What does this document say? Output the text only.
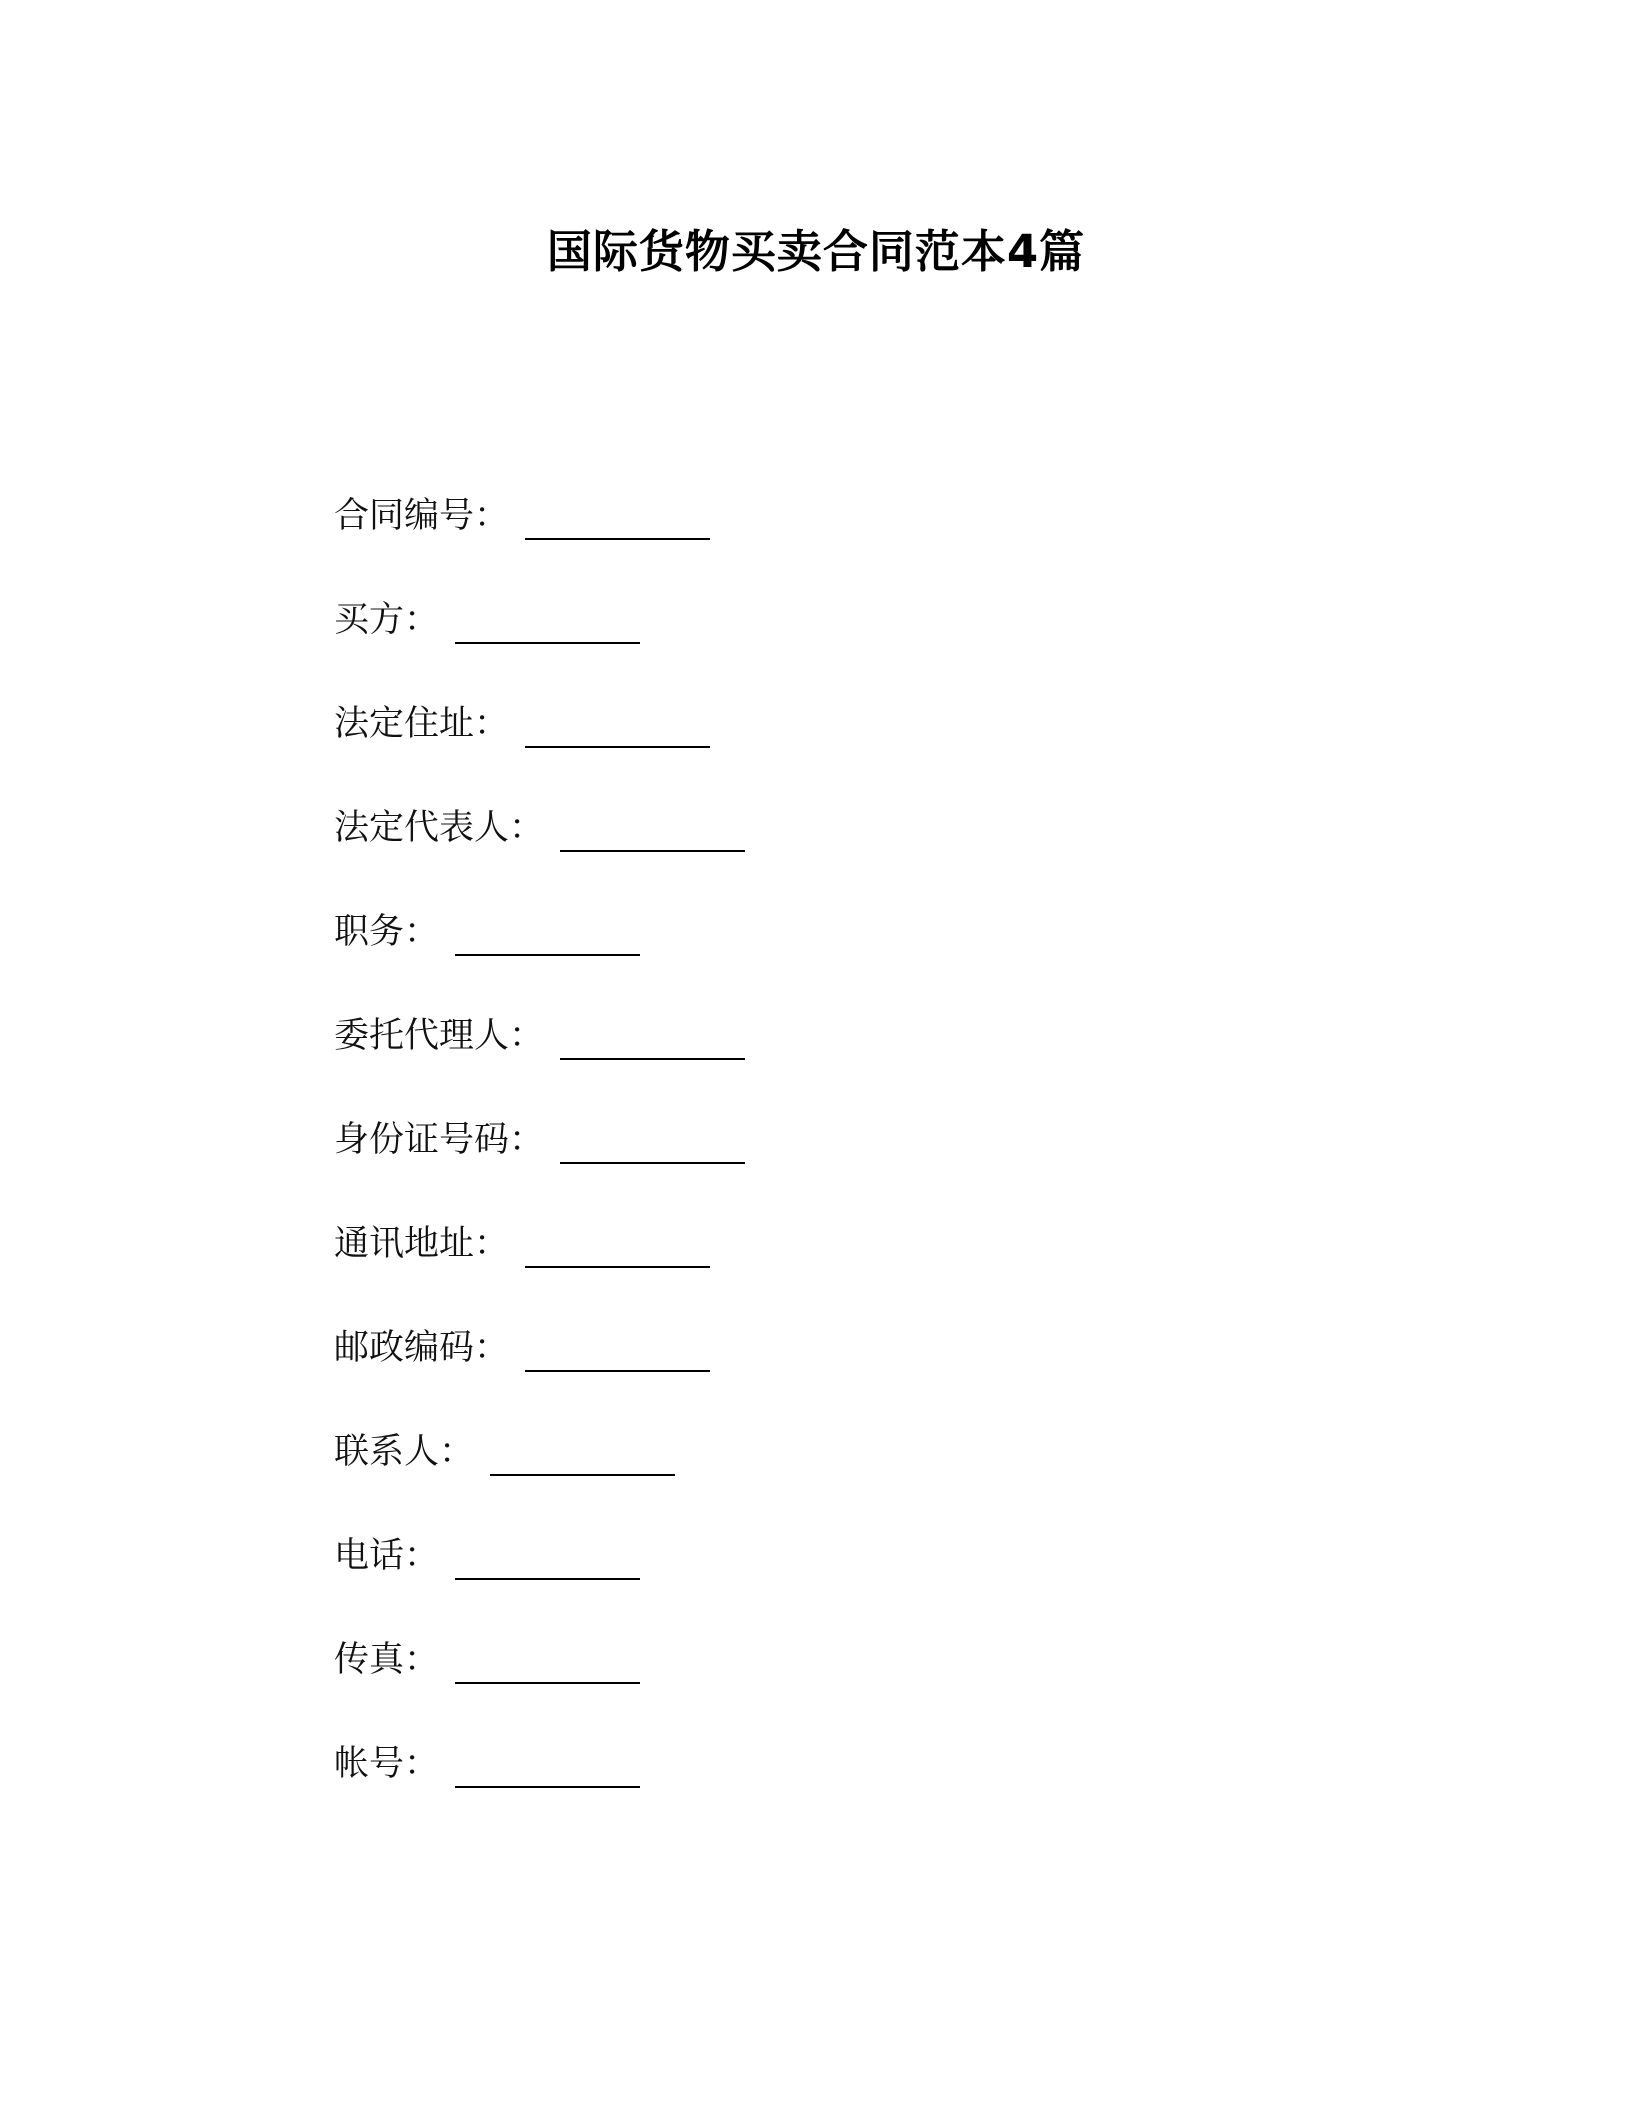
国际货物买卖合同范本4篇
合同编号 ：
买方 ：
法定住址 ：
法定代表人 ：
职务 ：
委托代理人 ：
身份证号码 ：
通讯地址 ：
邮政编码 ：
联系人 ：
电话 ：
传真 ：
帐号 ：
